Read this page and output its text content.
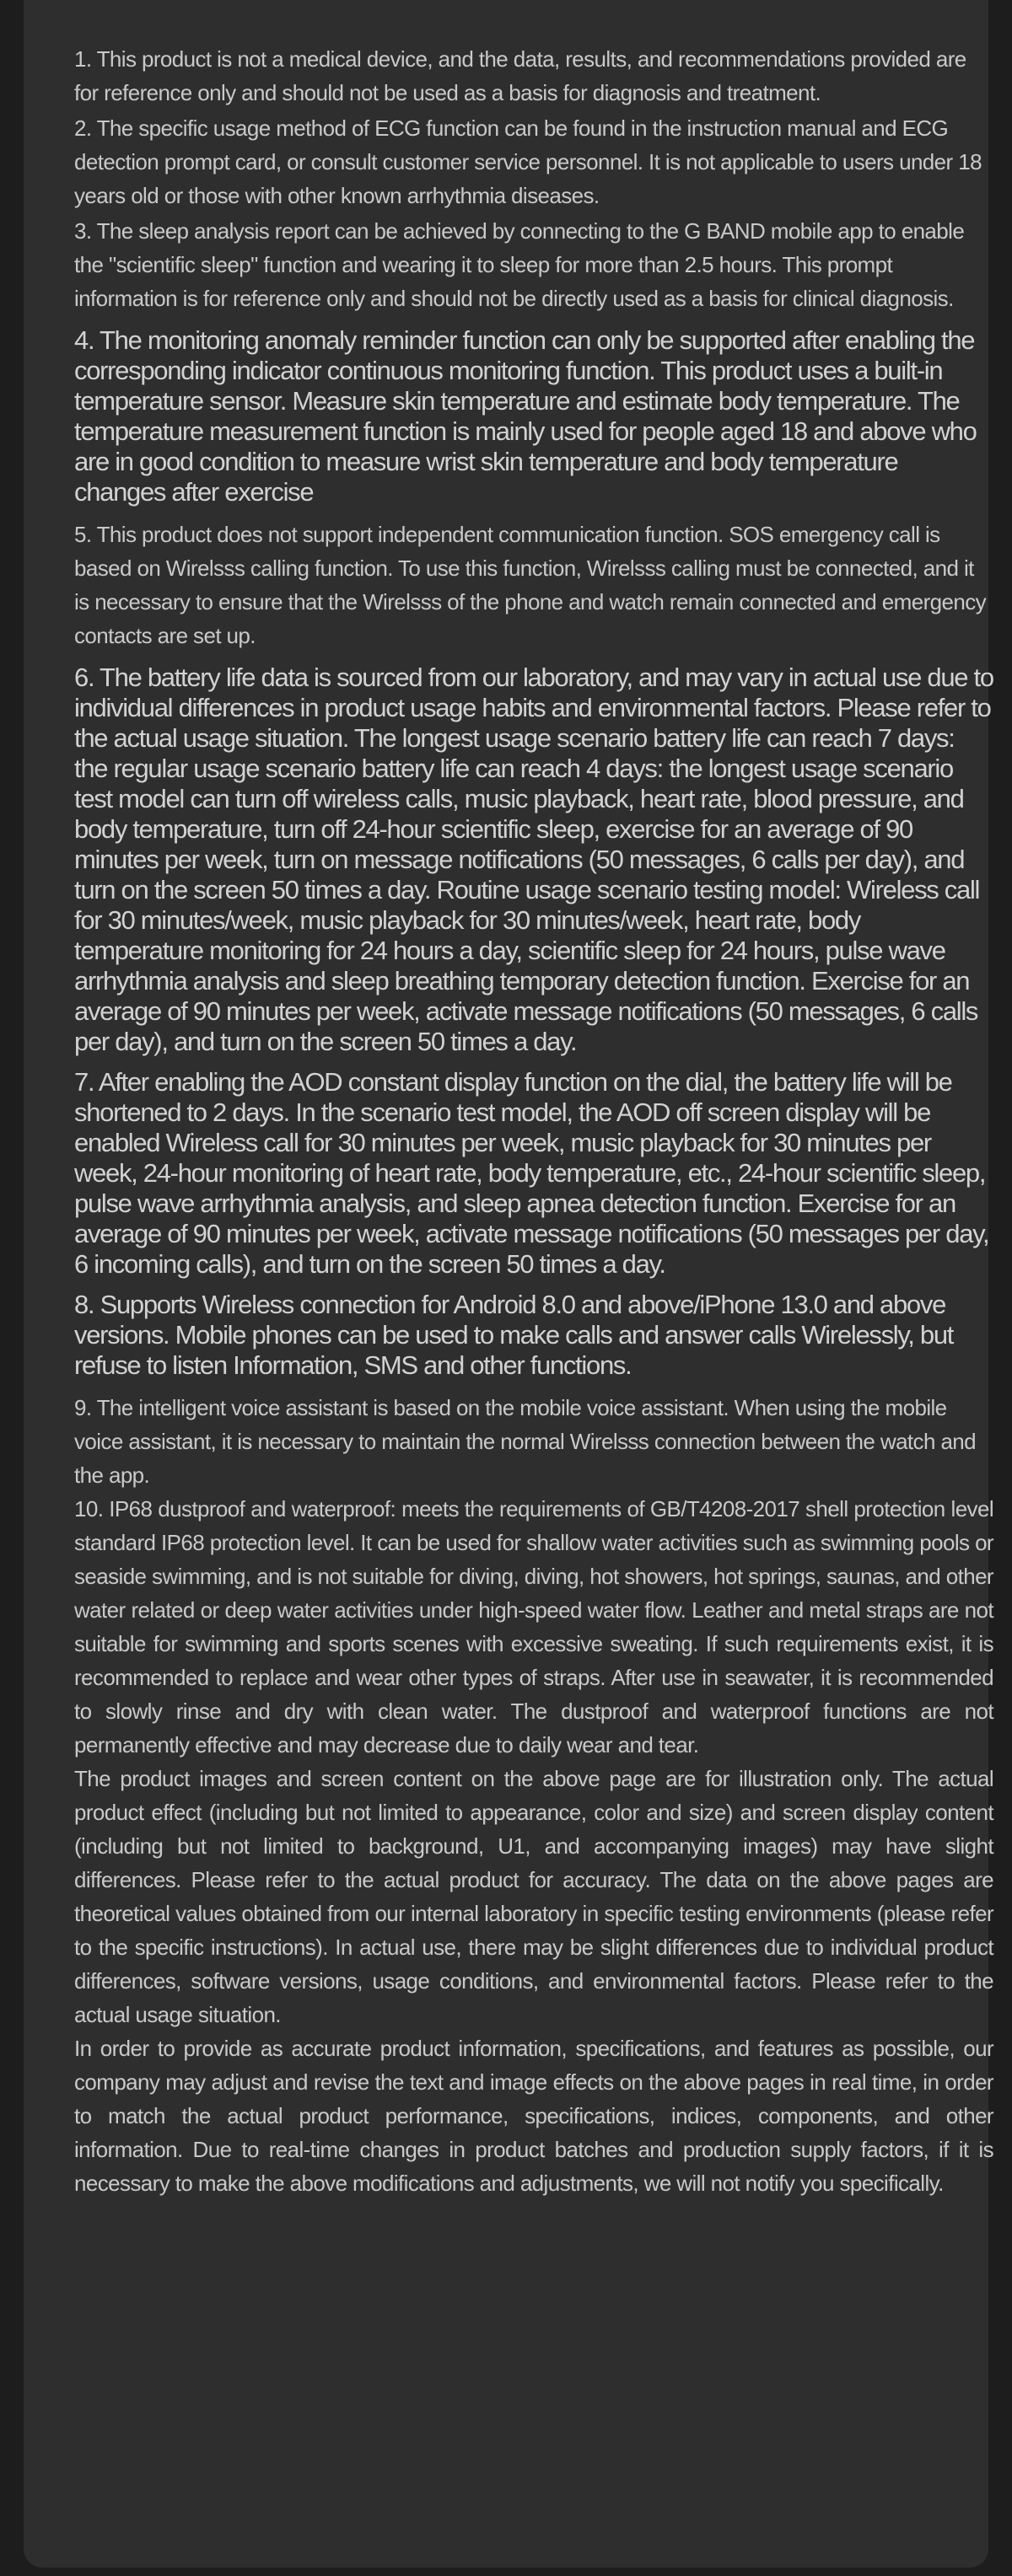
1. This product is not a medical device, and the data, results, and recommendations provided are for reference only and should not be used as a basis for diagnosis and treatment.

2. The specific usage method of ECG function can be found in the instruction manual and ECG detection prompt card, or consult customer service personnel. It is not applicable to users under 18 years old or those with other known arrhythmia diseases.

3. The sleep analysis report can be achieved by connecting to the G BAND mobile app to enable the "scientific sleep" function and wearing it to sleep for more than 2.5 hours. This prompt information is for reference only and should not be directly used as a basis for clinical diagnosis.

4. The monitoring anomaly reminder function can only be supported after enabling the corresponding indicator continuous monitoring function. This product uses a built-in temperature sensor. Measure skin temperature and estimate body temperature. The temperature measurement function is mainly used for people aged 18 and above who are in good condition to measure wrist skin temperature and body temperature changes after exercise

5. This product does not support independent communication function. SOS emergency call is based on Wirelsss calling function. To use this function, Wirelsss calling must be connected, and it is necessary to ensure that the Wirelsss of the phone and watch remain connected and emergency contacts are set up.

6. The battery life data is sourced from our laboratory, and may vary in actual use due to individual differences in product usage habits and environmental factors. Please refer to the actual usage situation. The longest usage scenario battery life can reach 7 days: the regular usage scenario battery life can reach 4 days: the longest usage scenario test model can turn off wireless calls, music playback, heart rate, blood pressure, and body temperature, turn off 24-hour scientific sleep, exercise for an average of 90 minutes per week, turn on message notifications (50 messages, 6 calls per day), and turn on the screen 50 times a day. Routine usage scenario testing model: Wireless call for 30 minutes/week, music playback for 30 minutes/week, heart rate, body temperature monitoring for 24 hours a day, scientific sleep for 24 hours, pulse wave arrhythmia analysis and sleep breathing temporary detection function. Exercise for an average of 90 minutes per week, activate message notifications (50 messages, 6 calls per day), and turn on the screen 50 times a day.

7. After enabling the AOD constant display function on the dial, the battery life will be shortened to 2 days. In the scenario test model, the AOD off screen display will be enabled Wireless call for 30 minutes per week, music playback for 30 minutes per week, 24-hour monitoring of heart rate, body temperature, etc., 24-hour scientific sleep, pulse wave arrhythmia analysis, and sleep apnea detection function. Exercise for an average of 90 minutes per week, activate message notifications (50 messages per day, 6 incoming calls), and turn on the screen 50 times a day.

8. Supports Wireless connection for Android 8.0 and above/iPhone 13.0 and above versions. Mobile phones can be used to make calls and answer calls Wirelessly, but refuse to listen Information, SMS and other functions.

9. The intelligent voice assistant is based on the mobile voice assistant. When using the mobile voice assistant, it is necessary to maintain the normal Wirelsss connection between the watch and the app.

10. IP68 dustproof and waterproof: meets the requirements of GB/T4208-2017 shell protection level standard IP68 protection level. It can be used for shallow water activities such as swimming pools or seaside swimming, and is not suitable for diving, diving, hot showers, hot springs, saunas, and other water related or deep water activities under high-speed water flow. Leather and metal straps are not suitable for swimming and sports scenes with excessive sweating. If such requirements exist, it is recommended to replace and wear other types of straps. After use in seawater, it is recommended to slowly rinse and dry with clean water. The dustproof and waterproof functions are not permanently effective and may decrease due to daily wear and tear.

The product images and screen content on the above page are for illustration only. The actual product effect (including but not limited to appearance, color and size) and screen display content (including but not limited to background, U1, and accompanying images) may have slight differences. Please refer to the actual product for accuracy. The data on the above pages are theoretical values obtained from our internal laboratory in specific testing environments (please refer to the specific instructions). In actual use, there may be slight differences due to individual product differences, software versions, usage conditions, and environmental factors. Please refer to the actual usage situation.

In order to provide as accurate product information, specifications, and features as possible, our company may adjust and revise the text and image effects on the above pages in real time, in order to match the actual product performance, specifications, indices, components, and other information. Due to real-time changes in product batches and production supply factors, if it is necessary to make the above modifications and adjustments, we will not notify you specifically.
